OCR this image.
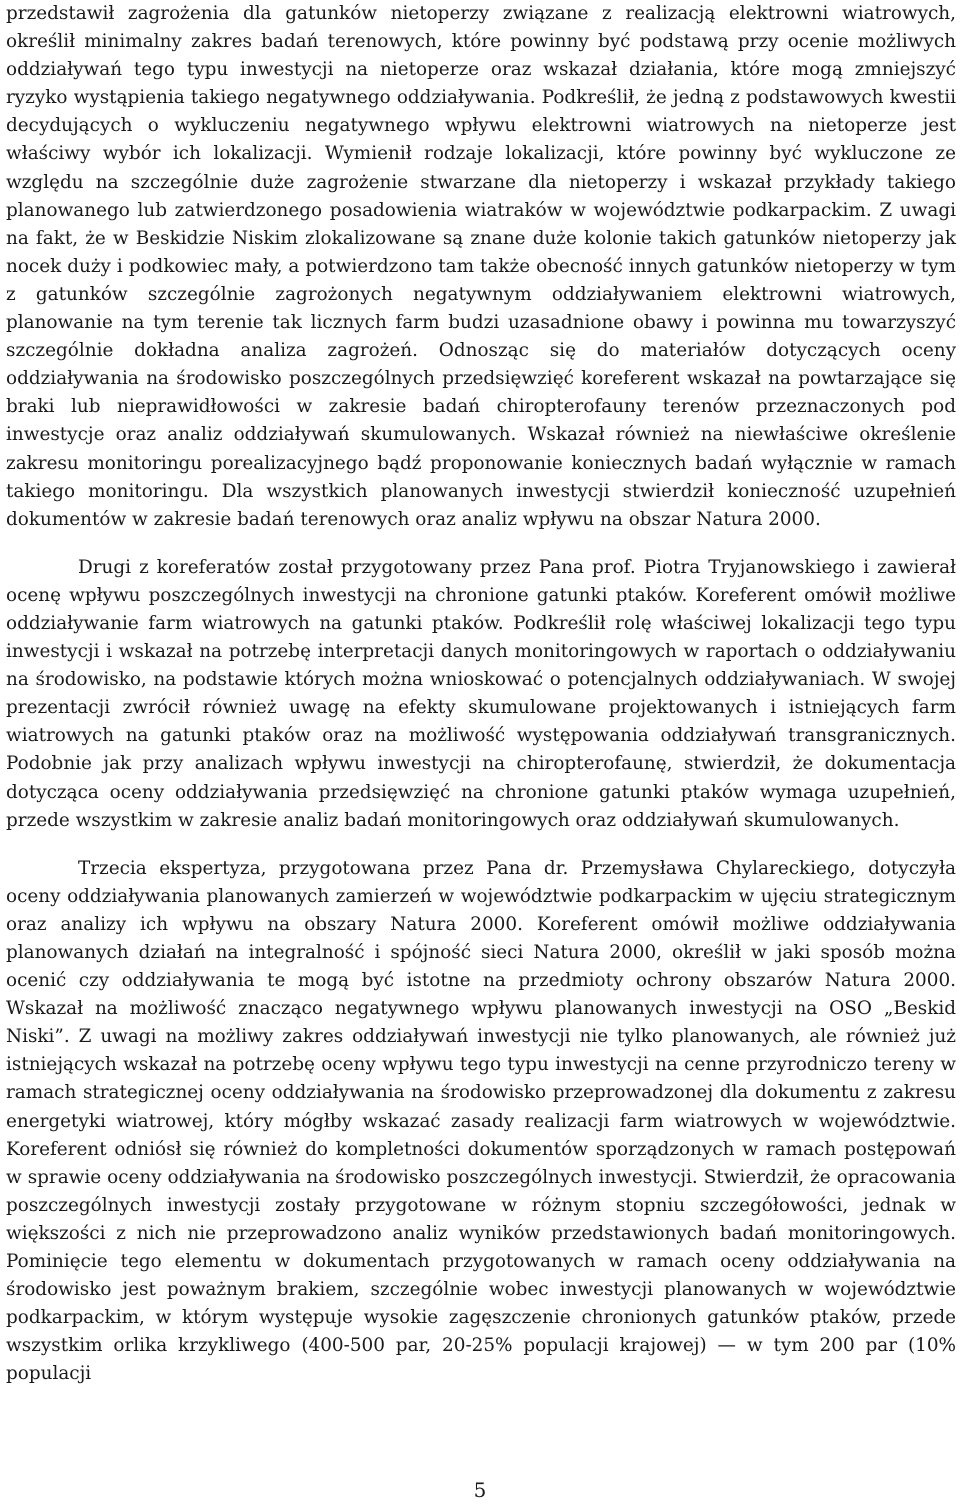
przedstawił zagrożenia dla gatunków nietoperzy związane z realizacją elektrowni wiatrowych, określił minimalny zakres badań terenowych, które powinny być podstawą przy ocenie możliwych oddziaływań tego typu inwestycji na nietoperze oraz wskazał działania, które mogą zmniejszyć ryzyko wystąpienia takiego negatywnego oddziaływania. Podkreślił, że jedną z podstawowych kwestii decydujących o wykluczeniu negatywnego wpływu elektrowni wiatrowych na nietoperze jest właściwy wybór ich lokalizacji. Wymienił rodzaje lokalizacji, które powinny być wykluczone ze względu na szczególnie duże zagrożenie stwarzane dla nietoperzy i wskazał przykłady takiego planowanego lub zatwierdzonego posadowienia wiatraków w województwie podkarpackim. Z uwagi na fakt, że w Beskidzie Niskim zlokalizowane są znane duże kolonie takich gatunków nietoperzy jak nocek duży i podkowiec mały, a potwierdzono tam także obecność innych gatunków nietoperzy w tym z gatunków szczególnie zagrożonych negatywnym oddziaływaniem elektrowni wiatrowych, planowanie na tym terenie tak licznych farm budzi uzasadnione obawy i powinna mu towarzyszyć szczególnie dokładna analiza zagrożeń. Odnosząc się do materiałów dotyczących oceny oddziaływania na środowisko poszczególnych przedsięwzięć koreferent wskazał na powtarzające się braki lub nieprawidłowości w zakresie badań chiropterofauny terenów przeznaczonych pod inwestycje oraz analiz oddziaływań skumulowanych. Wskazał również na niewłaściwe określenie zakresu monitoringu porealizacyjnego bądź proponowanie koniecznych badań wyłącznie w ramach takiego monitoringu. Dla wszystkich planowanych inwestycji stwierdził konieczność uzupełnień dokumentów w zakresie badań terenowych oraz analiz wpływu na obszar Natura 2000.

Drugi z koreferatów został przygotowany przez Pana prof. Piotra Tryjanowskiego i zawierał ocenę wpływu poszczególnych inwestycji na chronione gatunki ptaków. Koreferent omówił możliwe oddziaływanie farm wiatrowych na gatunki ptaków. Podkreślił rolę właściwej lokalizacji tego typu inwestycji i wskazał na potrzebę interpretacji danych monitoringowych w raportach o oddziaływaniu na środowisko, na podstawie których można wnioskować o potencjalnych oddziaływaniach. W swojej prezentacji zwrócił również uwagę na efekty skumulowane projektowanych i istniejących farm wiatrowych na gatunki ptaków oraz na możliwość występowania oddziaływań transgranicznych. Podobnie jak przy analizach wpływu inwestycji na chiropterofaunę, stwierdził, że dokumentacja dotycząca oceny oddziaływania przedsięwzięć na chronione gatunki ptaków wymaga uzupełnień, przede wszystkim w zakresie analiz badań monitoringowych oraz oddziaływań skumulowanych.

Trzecia ekspertyza, przygotowana przez Pana dr. Przemysława Chylareckiego, dotyczyła oceny oddziaływania planowanych zamierzeń w województwie podkarpackim w ujęciu strategicznym oraz analizy ich wpływu na obszary Natura 2000. Koreferent omówił możliwe oddziaływania planowanych działań na integralność i spójność sieci Natura 2000, określił w jaki sposób można ocenić czy oddziaływania te mogą być istotne na przedmioty ochrony obszarów Natura 2000. Wskazał na możliwość znacząco negatywnego wpływu planowanych inwestycji na OSO „Beskid Niski”. Z uwagi na możliwy zakres oddziaływań inwestycji nie tylko planowanych, ale również już istniejących wskazał na potrzebę oceny wpływu tego typu inwestycji na cenne przyrodniczo tereny w ramach strategicznej oceny oddziaływania na środowisko przeprowadzonej dla dokumentu z zakresu energetyki wiatrowej, który mógłby wskazać zasady realizacji farm wiatrowych w województwie. Koreferent odniósł się również do kompletności dokumentów sporządzonych w ramach postępowań w sprawie oceny oddziaływania na środowisko poszczególnych inwestycji. Stwierdził, że opracowania poszczególnych inwestycji zostały przygotowane w różnym stopniu szczegółowości, jednak w większości z nich nie przeprowadzono analiz wyników przedstawionych badań monitoringowych. Pominięcie tego elementu w dokumentach przygotowanych w ramach oceny oddziaływania na środowisko jest poważnym brakiem, szczególnie wobec inwestycji planowanych w województwie podkarpackim, w którym występuje wysokie zagęszczenie chronionych gatunków ptaków, przede wszystkim orlika krzykliwego (400-500 par, 20-25% populacji krajowej) — w tym 200 par (10% populacji

5
